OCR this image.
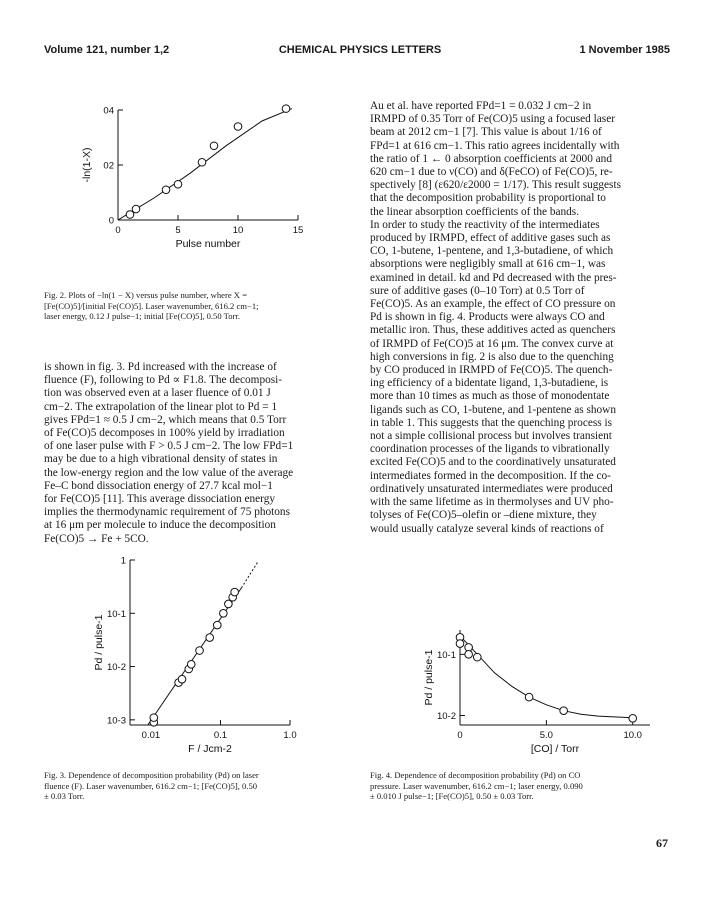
Volume 121, number 1,2	CHEMICAL PHYSICS LETTERS	1 November 1985
0	5	10	15
0
02
04
Pulse number
-ln(1-X)
Fig. 2. Plots of −ln(1 − X) versus pulse number, where X =
[Fe(CO)5]/[initial Fe(CO)5]. Laser wavenumber, 616.2 cm−1;
laser energy, 0.12 J pulse−1; initial [Fe(CO)5], 0.50 Torr.
is shown in fig. 3. Pd increased with the increase of
fluence (F), following to Pd ∝ F1.8. The decomposi-
tion was observed even at a laser fluence of 0.01 J
cm−2. The extrapolation of the linear plot to Pd = 1
gives FPd=1 ≈ 0.5 J cm−2, which means that 0.5 Torr
of Fe(CO)5 decomposes in 100% yield by irradiation
of one laser pulse with F > 0.5 J cm−2. The low FPd=1
may be due to a high vibrational density of states in
the low-energy region and the low value of the average
Fe–C bond dissociation energy of 27.7 kcal mol−1
for Fe(CO)5 [11]. This average dissociation energy
implies the thermodynamic requirement of 75 photons
at 16 μm per molecule to induce the decomposition
Fe(CO)5 → Fe + 5CO.
0.01	0.1	1.0
10-3
10-2
10-1
1
F / Jcm-2
Pd / pulse-1
Fig. 3. Dependence of decomposition probability (Pd) on laser
fluence (F). Laser wavenumber, 616.2 cm−1; [Fe(CO)5], 0.50
± 0.03 Torr.
Au et al. have reported FPd=1 = 0.032 J cm−2 in
IRMPD of 0.35 Torr of Fe(CO)5 using a focused laser
beam at 2012 cm−1 [7]. This value is about 1/16 of
FPd=1 at 616 cm−1. This ratio agrees incidentally with
the ratio of 1 ← 0 absorption coefficients at 2000 and
620 cm−1 due to ν(CO) and δ(FeCO) of Fe(CO)5, re-
spectively [8] (ε620/ε2000 = 1/17). This result suggests
that the decomposition probability is proportional to
the linear absorption coefficients of the bands.
In order to study the reactivity of the intermediates
produced by IRMPD, effect of additive gases such as
CO, 1-butene, 1-pentene, and 1,3-butadiene, of which
absorptions were negligibly small at 616 cm−1, was
examined in detail. kd and Pd decreased with the pres-
sure of additive gases (0–10 Torr) at 0.5 Torr of
Fe(CO)5. As an example, the effect of CO pressure on
Pd is shown in fig. 4. Products were always CO and
metallic iron. Thus, these additives acted as quenchers
of IRMPD of Fe(CO)5 at 16 μm. The convex curve at
high conversions in fig. 2 is also due to the quenching
by CO produced in IRMPD of Fe(CO)5. The quench-
ing efficiency of a bidentate ligand, 1,3-butadiene, is
more than 10 times as much as those of monodentate
ligands such as CO, 1-butene, and 1-pentene as shown
in table 1. This suggests that the quenching process is
not a simple collisional process but involves transient
coordination processes of the ligands to vibrationally
excited Fe(CO)5 and to the coordinatively unsaturated
intermediates formed in the decomposition. If the co-
ordinatively unsaturated intermediates were produced
with the same lifetime as in thermolyses and UV pho-
tolyses of Fe(CO)5–olefin or –diene mixture, they
would usually catalyze several kinds of reactions of
0	5.0	10.0
10-2
10-1
[CO] / Torr
Pd / pulse-1
Fig. 4. Dependence of decomposition probability (Pd) on CO
pressure. Laser wavenumber, 616.2 cm−1; laser energy, 0.090
± 0.010 J pulse−1; [Fe(CO)5], 0.50 ± 0.03 Torr.
67
